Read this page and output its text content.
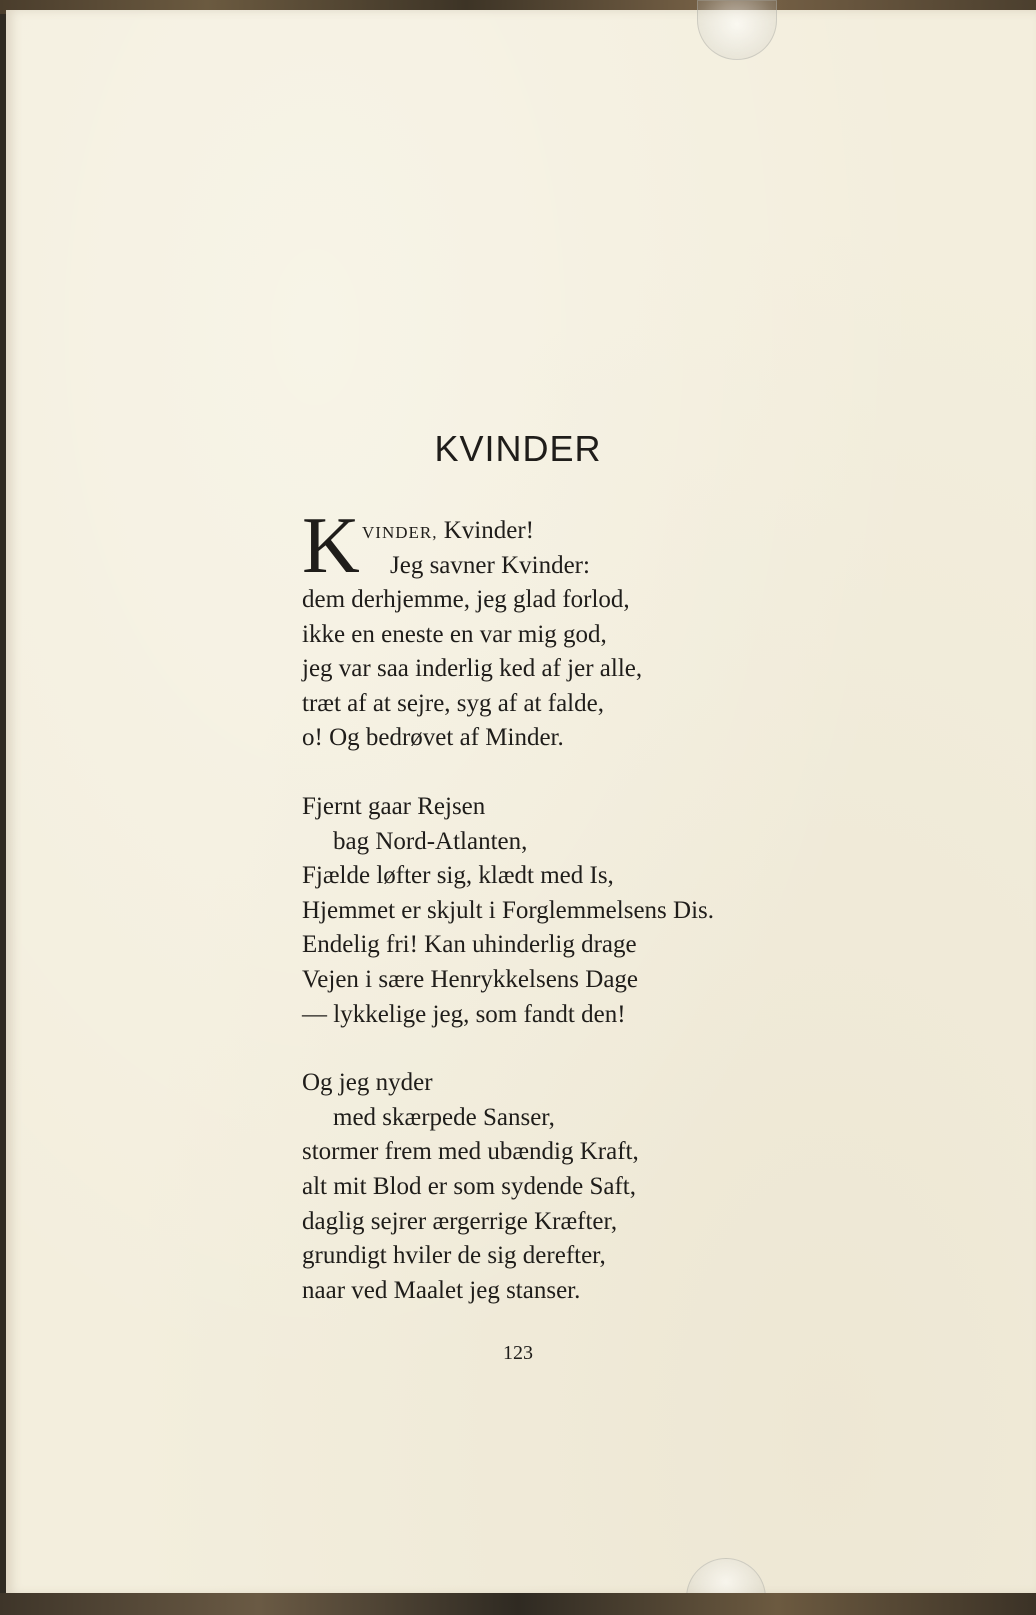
KVINDER
K VINDER, Kvinder!
Jeg savner Kvinder:
dem derhjemme, jeg glad forlod,
ikke en eneste en var mig god,
jeg var saa inderlig ked af jer alle,
træt af at sejre, syg af at falde,
o! Og bedrøvet af Minder.
Fjernt gaar Rejsen
bag Nord-Atlanten,
Fjælde løfter sig, klædt med Is,
Hjemmet er skjult i Forglemmelsens Dis.
Endelig fri! Kan uhinderlig drage
Vejen i sære Henrykkelsens Dage
— lykkelige jeg, som fandt den!
Og jeg nyder
med skærpede Sanser,
stormer frem med ubændig Kraft,
alt mit Blod er som sydende Saft,
daglig sejrer ærgerrige Kræfter,
grundigt hviler de sig derefter,
naar ved Maalet jeg stanser.
123
